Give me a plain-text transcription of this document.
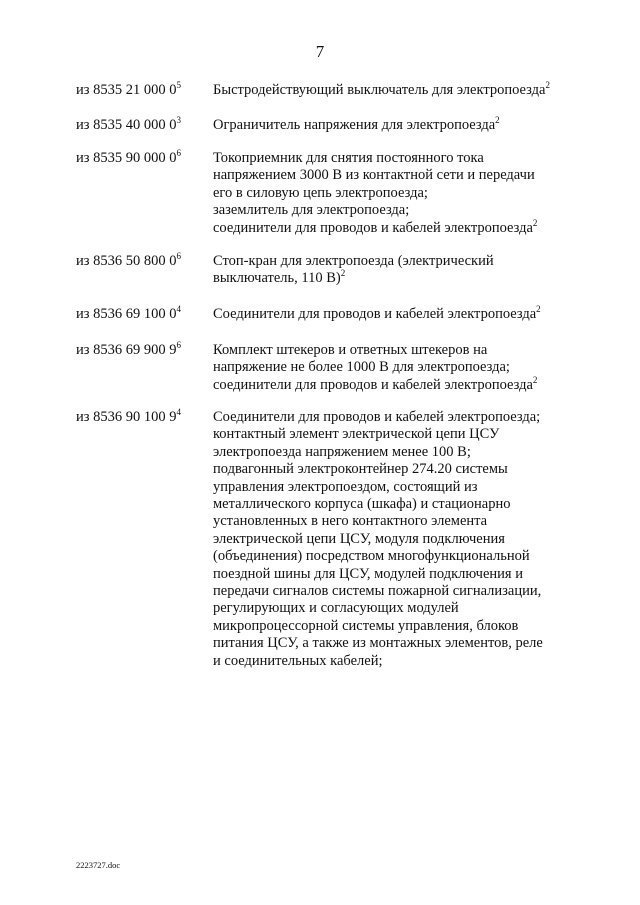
7
из 8535 21 000 $0^5$	Быстродействующий выключатель для электропоезда$^2$
из 8535 40 000 $0^3$	Ограничитель напряжения для электропоезда$^2$
из 8535 90 000 $0^6$	Токоприемник для снятия постоянного тока
напряжением 3000 В из контактной сети и передачи
его в силовую цепь электропоезда;
заземлитель для электропоезда;
соединители для проводов и кабелей электропоезда$^2$
из 8536 50 800 $0^6$	Стоп-кран для электропоезда (электрический
выключатель, 110 В)$^2$
из 8536 69 100 $0^4$	Соединители для проводов и кабелей электропоезда$^2$
из 8536 69 900 $9^6$	Комплект штекеров и ответных штекеров на
напряжение не более 1000 В для электропоезда;
соединители для проводов и кабелей электропоезда$^2$
из 8536 90 100 $9^4$	Соединители для проводов и кабелей электропоезда;
контактный элемент электрической цепи ЦСУ
электропоезда напряжением менее 100 В;
подвагонный электроконтейнер 274.20 системы
управления электропоездом, состоящий из
металлического корпуса (шкафа) и стационарно
установленных в него контактного элемента
электрической цепи ЦСУ, модуля подключения
(объединения) посредством многофункциональной
поездной шины для ЦСУ, модулей подключения и
передачи сигналов системы пожарной сигнализации,
регулирующих и согласующих модулей
микропроцессорной системы управления, блоков
питания ЦСУ, а также из монтажных элементов, реле
и соединительных кабелей;
2223727.doc
